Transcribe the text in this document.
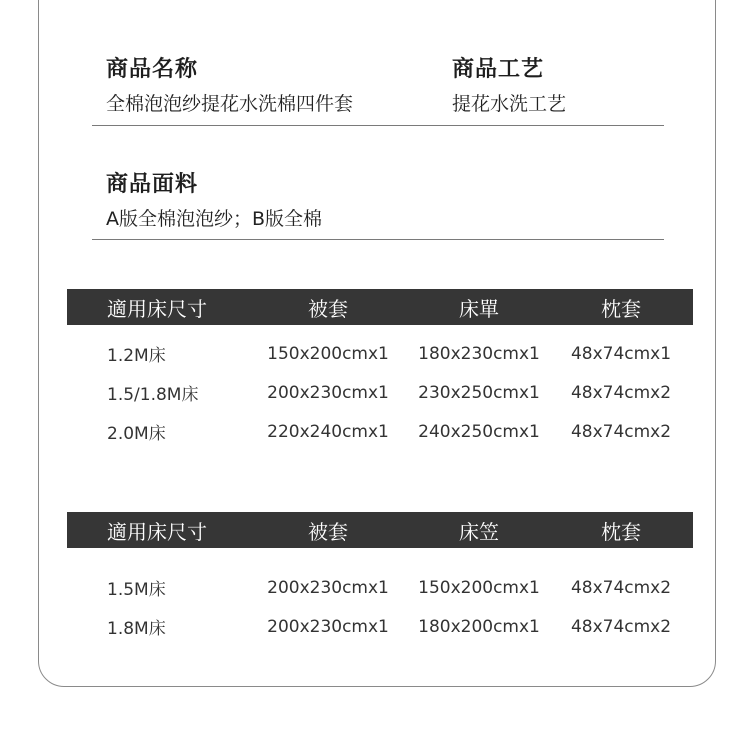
商品名称
全棉泡泡纱提花水洗棉四件套
商品工艺
提花水洗工艺
商品面料
A版全棉泡泡纱；B版全棉
適用床尺寸	被套	床單	枕套
1.2M床	150x200cmx1	180x230cmx1	48x74cmx1
1.5/1.8M床	200x230cmx1	230x250cmx1	48x74cmx2
2.0M床	220x240cmx1	240x250cmx1	48x74cmx2
適用床尺寸	被套	床笠	枕套
1.5M床	200x230cmx1	150x200cmx1	48x74cmx2
1.8M床	200x230cmx1	180x200cmx1	48x74cmx2
